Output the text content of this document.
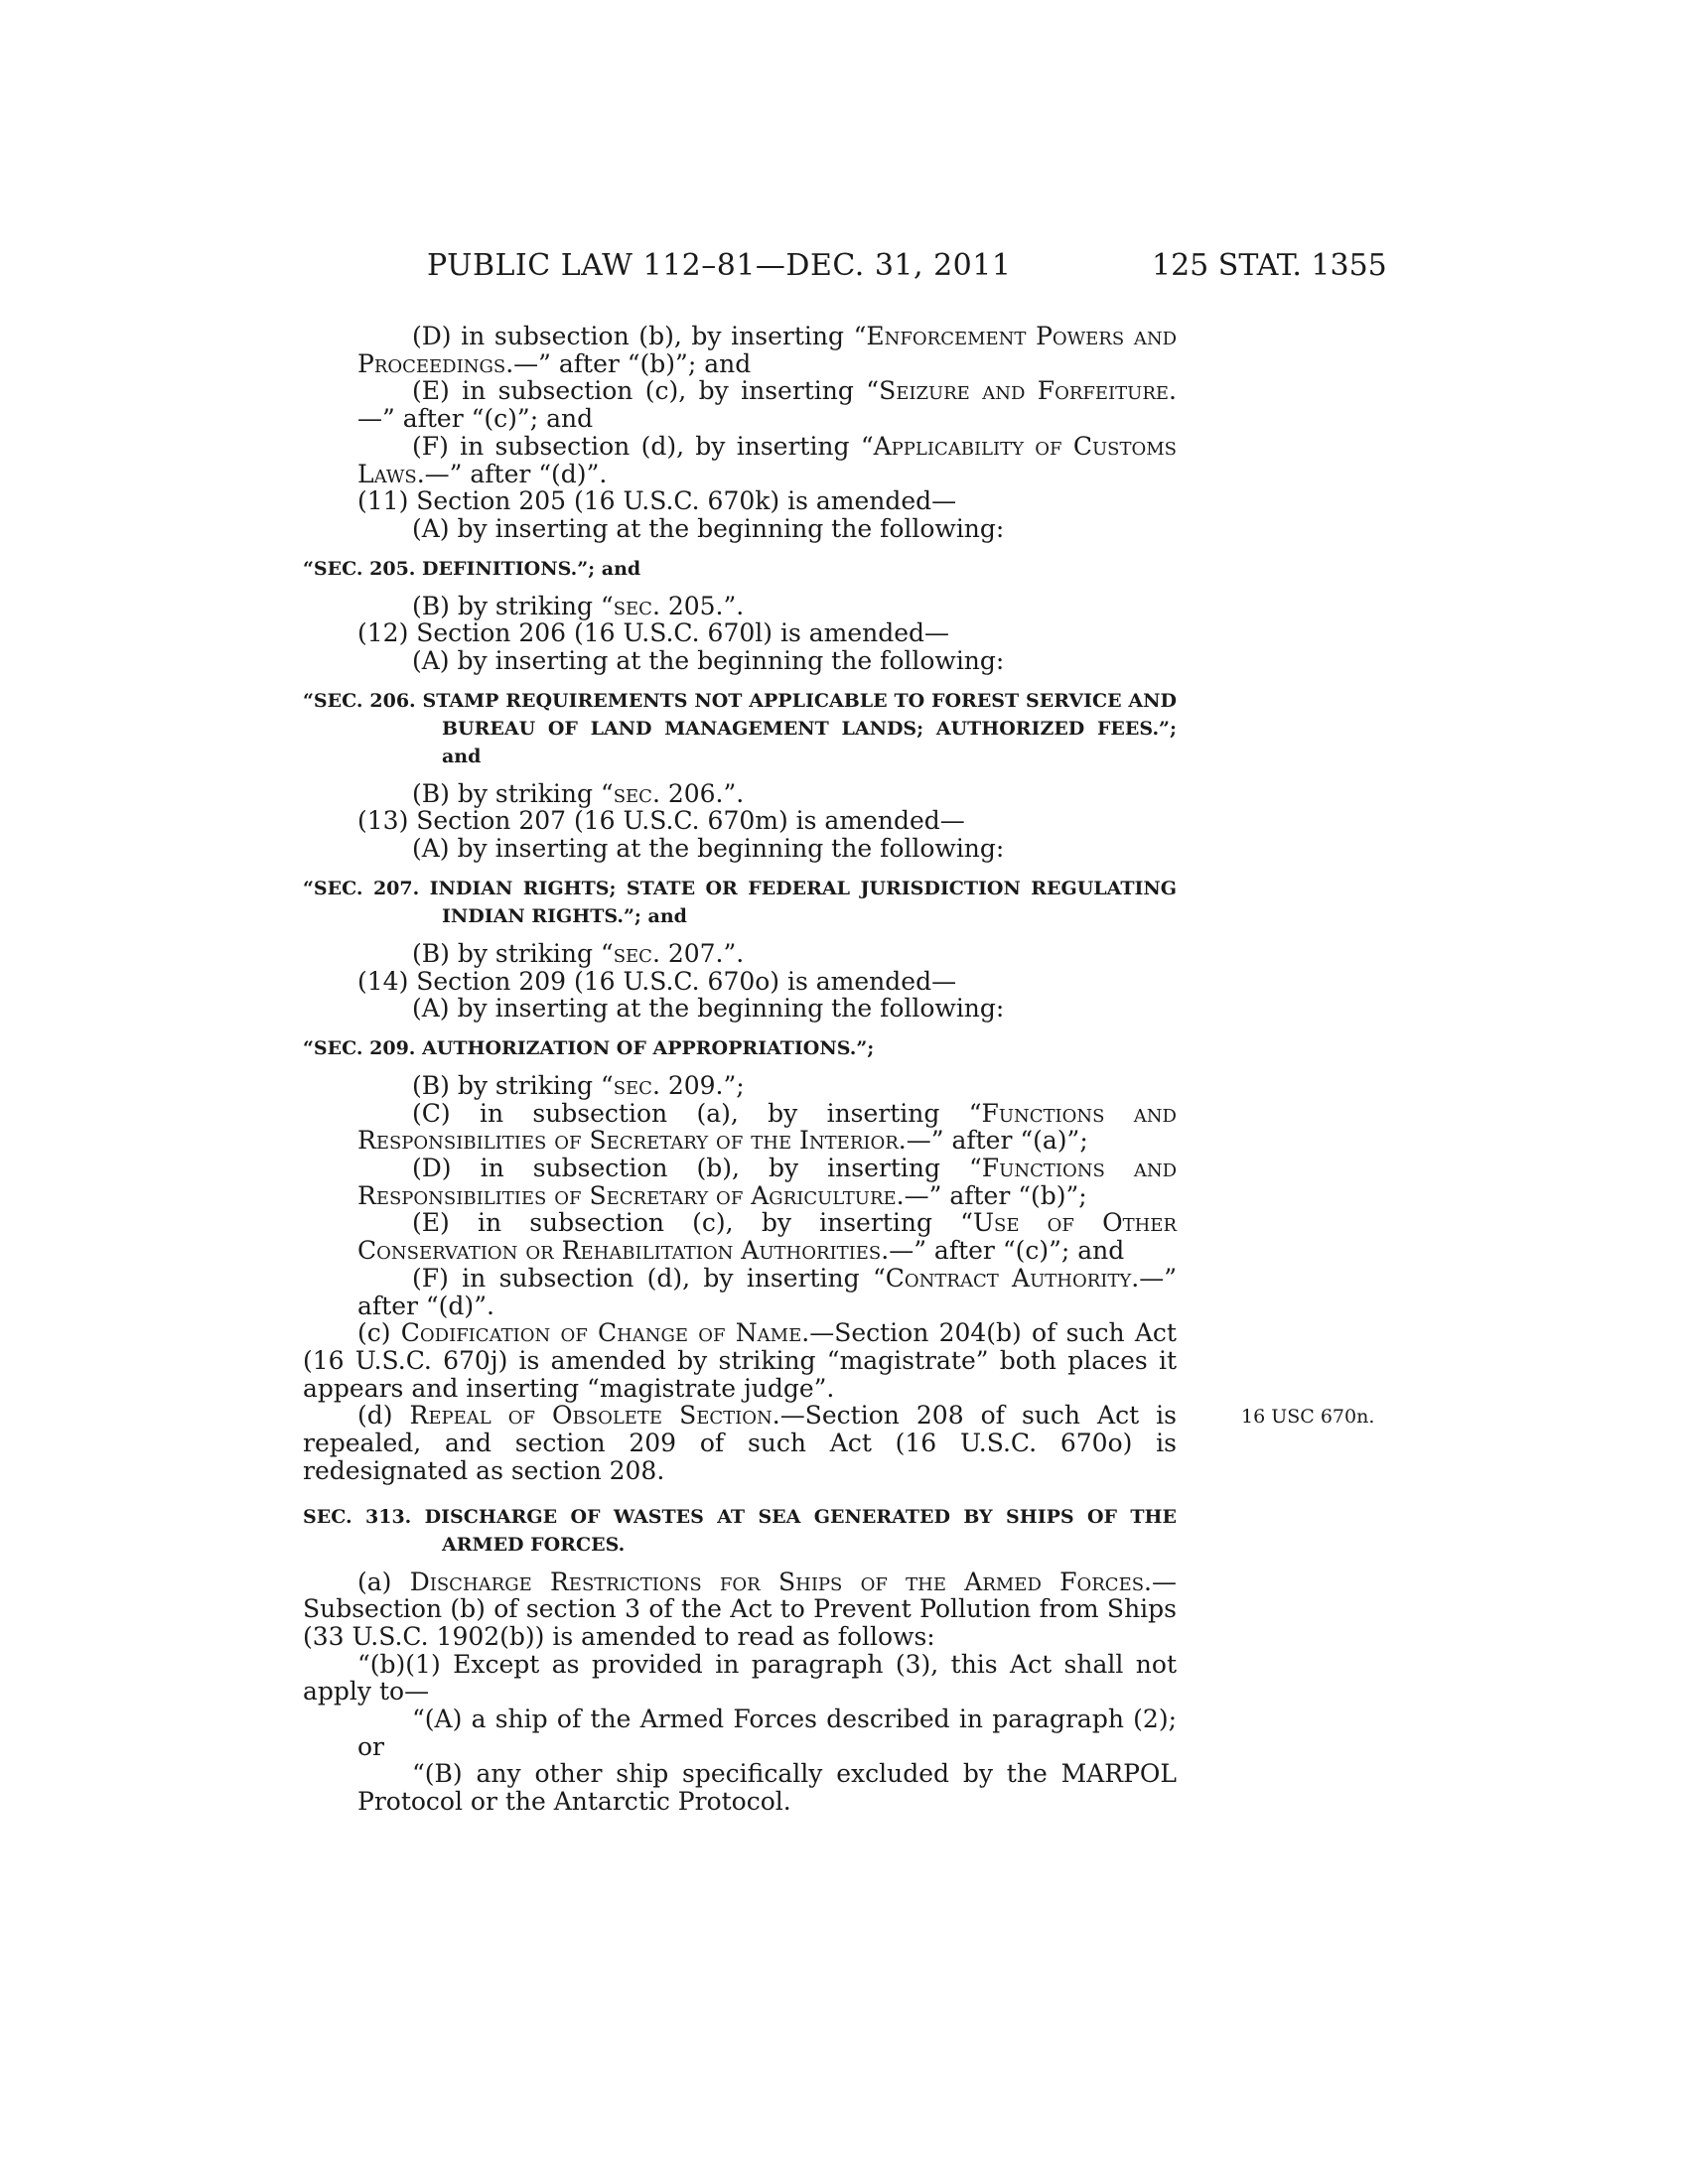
PUBLIC LAW 112–81—DEC. 31, 2011	125 STAT. 1355
(D) in subsection (b), by inserting “Enforcement Powers and Proceedings.—” after “(b)”; and
(E) in subsection (c), by inserting “Seizure and Forfeiture.—” after “(c)”; and
(F) in subsection (d), by inserting “Applicability of Customs Laws.—” after “(d)”.
(11) Section 205 (16 U.S.C. 670k) is amended—
(A) by inserting at the beginning the following:
“SEC. 205. DEFINITIONS.”; and
(B) by striking “sec. 205.”.
(12) Section 206 (16 U.S.C. 670l) is amended—
(A) by inserting at the beginning the following:
“SEC. 206. STAMP REQUIREMENTS NOT APPLICABLE TO FOREST SERVICE AND BUREAU OF LAND MANAGEMENT LANDS; AUTHORIZED FEES.”; and
(B) by striking “sec. 206.”.
(13) Section 207 (16 U.S.C. 670m) is amended—
(A) by inserting at the beginning the following:
“SEC. 207. INDIAN RIGHTS; STATE OR FEDERAL JURISDICTION REGULATING INDIAN RIGHTS.”; and
(B) by striking “sec. 207.”.
(14) Section 209 (16 U.S.C. 670o) is amended—
(A) by inserting at the beginning the following:
“SEC. 209. AUTHORIZATION OF APPROPRIATIONS.”;
(B) by striking “sec. 209.”;
(C) in subsection (a), by inserting “Functions and Responsibilities of Secretary of the Interior.—” after “(a)”;
(D) in subsection (b), by inserting “Functions and Responsibilities of Secretary of Agriculture.—” after “(b)”;
(E) in subsection (c), by inserting “Use of Other Conservation or Rehabilitation Authorities.—” after “(c)”; and
(F) in subsection (d), by inserting “Contract Authority.—” after “(d)”.
(c) Codification of Change of Name.—Section 204(b) of such Act (16 U.S.C. 670j) is amended by striking “magistrate” both places it appears and inserting “magistrate judge”.
(d) Repeal of Obsolete Section.—Section 208 of such Act is repealed, and section 209 of such Act (16 U.S.C. 670o) is redesignated as section 208.
16 USC 670n.
SEC. 313. DISCHARGE OF WASTES AT SEA GENERATED BY SHIPS OF THE ARMED FORCES.
(a) Discharge Restrictions for Ships of the Armed Forces.—Subsection (b) of section 3 of the Act to Prevent Pollution from Ships (33 U.S.C. 1902(b)) is amended to read as follows:
“(b)(1) Except as provided in paragraph (3), this Act shall not apply to—
“(A) a ship of the Armed Forces described in paragraph (2); or
“(B) any other ship specifically excluded by the MARPOL Protocol or the Antarctic Protocol.
